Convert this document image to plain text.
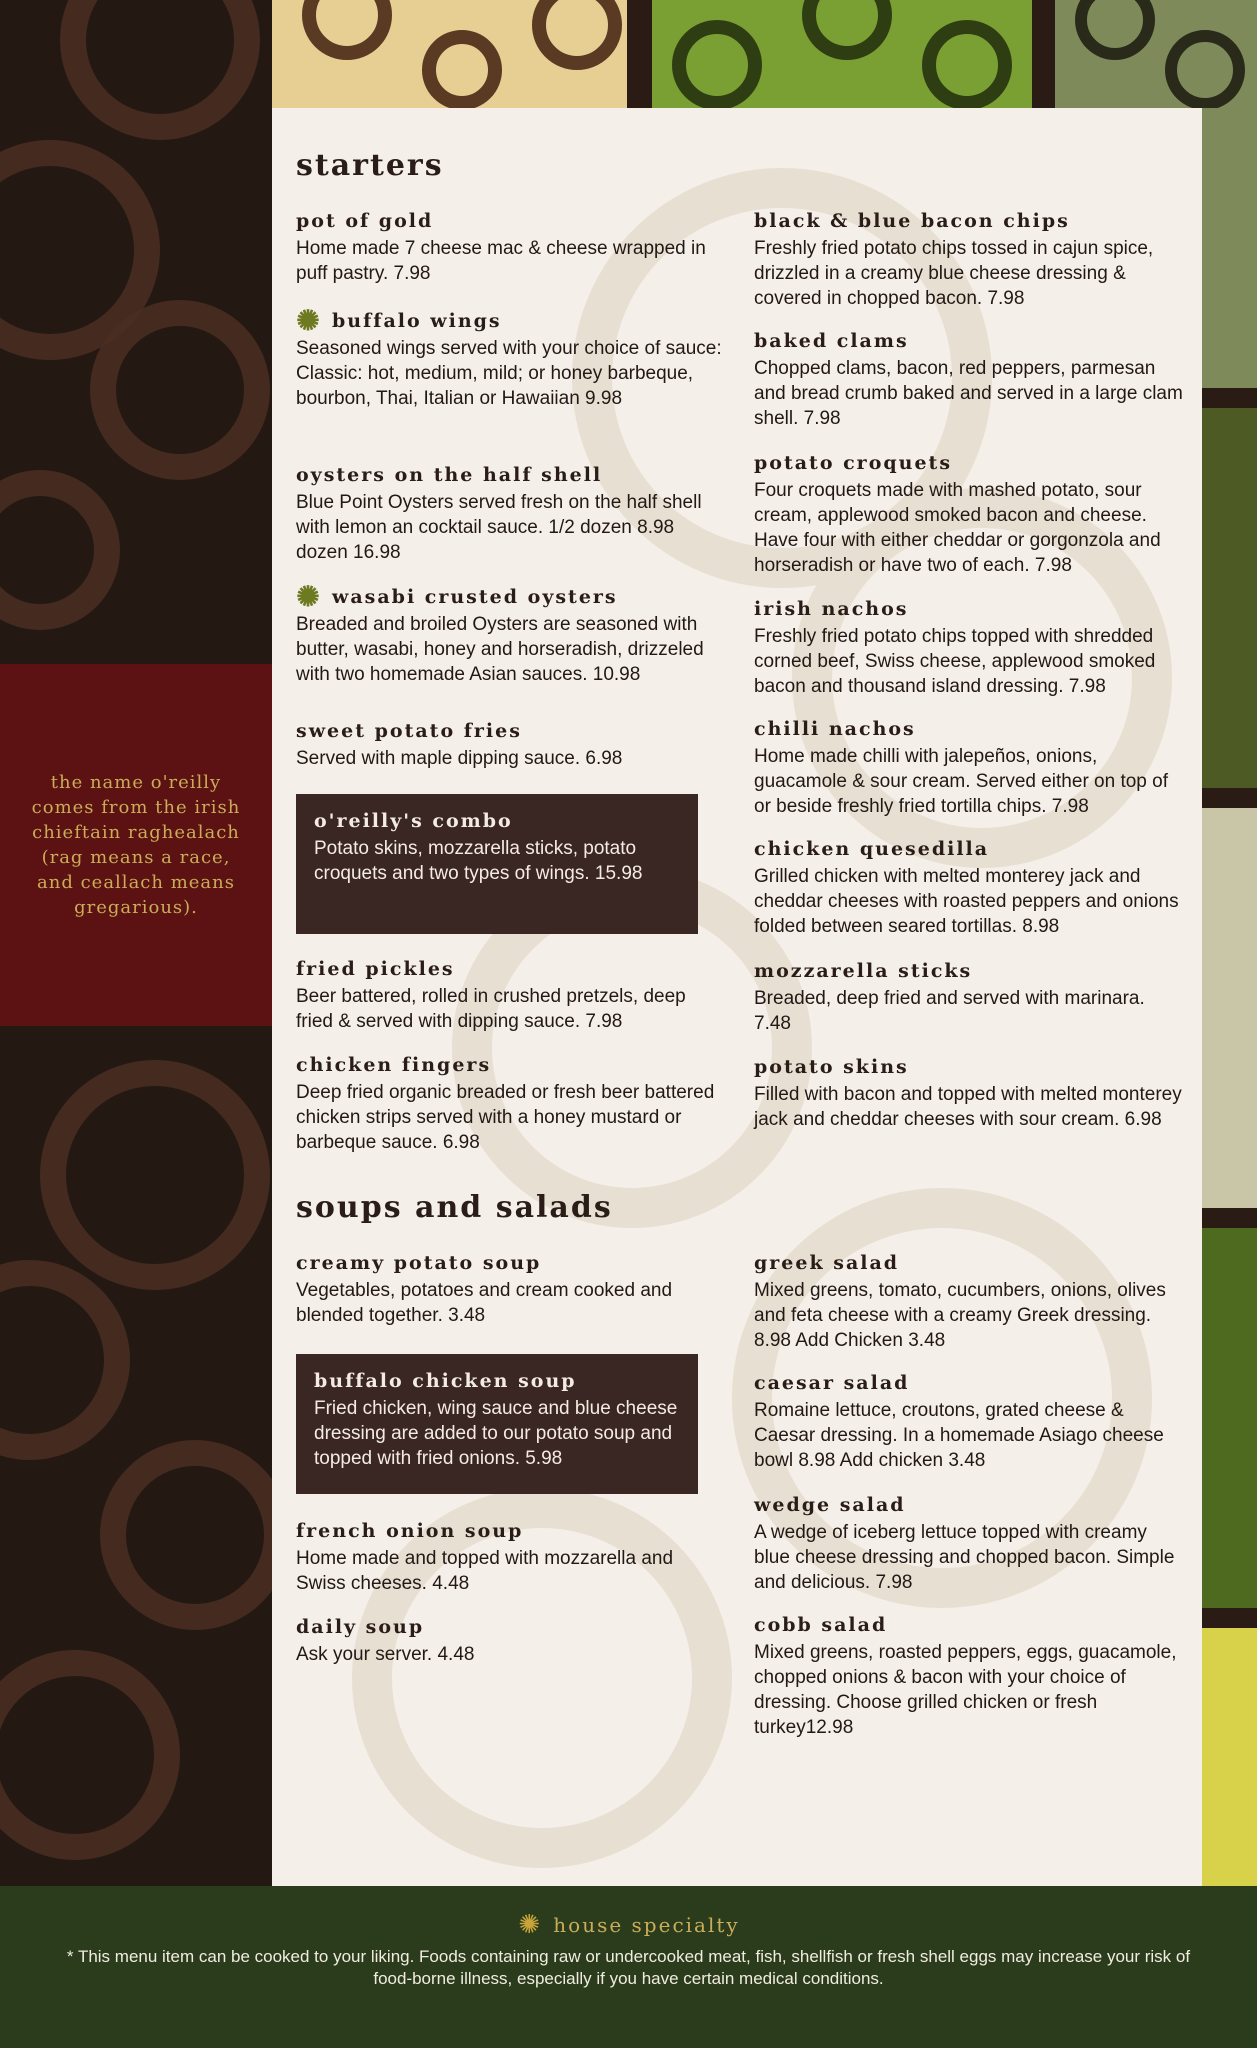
the name o'reilly comes from the irish chieftain raghealach (rag means a race, and ceallach means gregarious).

starters
pot of gold

Home made 7 cheese mac & cheese wrapped in puff pastry. 7.98

✺ buffalo wings

Seasoned wings served with your choice of sauce: Classic: hot, medium, mild; or honey barbeque, bourbon, Thai, Italian or Hawaiian 9.98

oysters on the half shell

Blue Point Oysters served fresh on the half shell with lemon an cocktail sauce. 1/2 dozen 8.98 dozen 16.98

✺ wasabi crusted oysters

Breaded and broiled Oysters are seasoned with butter, wasabi, honey and horseradish, drizzeled with two homemade Asian sauces. 10.98

sweet potato fries

Served with maple dipping sauce. 6.98

o'reilly's combo

Potato skins, mozzarella sticks, potato croquets and two types of wings. 15.98

fried pickles

Beer battered, rolled in crushed pretzels, deep fried & served with dipping sauce. 7.98

chicken fingers

Deep fried organic breaded or fresh beer battered chicken strips served with a honey mustard or barbeque sauce. 6.98

black & blue bacon chips

Freshly fried potato chips tossed in cajun spice, drizzled in a creamy blue cheese dressing & covered in chopped bacon. 7.98

baked clams

Chopped clams, bacon, red peppers, parmesan and bread crumb baked and served in a large clam shell. 7.98

potato croquets

Four croquets made with mashed potato, sour cream, applewood smoked bacon and cheese. Have four with either cheddar or gorgonzola and horseradish or have two of each. 7.98

irish nachos

Freshly fried potato chips topped with shredded corned beef, Swiss cheese, applewood smoked bacon and thousand island dressing. 7.98

chilli nachos

Home made chilli with jalepeños, onions, guacamole & sour cream. Served either on top of or beside freshly fried tortilla chips. 7.98

chicken quesedilla

Grilled chicken with melted monterey jack and cheddar cheeses with roasted peppers and onions folded between seared tortillas. 8.98

mozzarella sticks

Breaded, deep fried and served with marinara. 7.48

potato skins

Filled with bacon and topped with melted monterey jack and cheddar cheeses with sour cream. 6.98

soups and salads
creamy potato soup

Vegetables, potatoes and cream cooked and blended together. 3.48

buffalo chicken soup

Fried chicken, wing sauce and blue cheese dressing are added to our potato soup and topped with fried onions. 5.98

french onion soup

Home made and topped with mozzarella and Swiss cheeses. 4.48

daily soup

Ask your server. 4.48

greek salad

Mixed greens, tomato, cucumbers, onions, olives and feta cheese with a creamy Greek dressing. 8.98 Add Chicken 3.48

caesar salad

Romaine lettuce, croutons, grated cheese & Caesar dressing. In a homemade Asiago cheese bowl 8.98 Add chicken 3.48

wedge salad

A wedge of iceberg lettuce topped with creamy blue cheese dressing and chopped bacon. Simple and delicious. 7.98

cobb salad

Mixed greens, roasted peppers, eggs, guacamole, chopped onions & bacon with your choice of dressing. Choose grilled chicken or fresh turkey12.98

✺ house specialty

* This menu item can be cooked to your liking. Foods containing raw or undercooked meat, fish, shellfish or fresh shell eggs may increase your risk of food-borne illness, especially if you have certain medical conditions.
